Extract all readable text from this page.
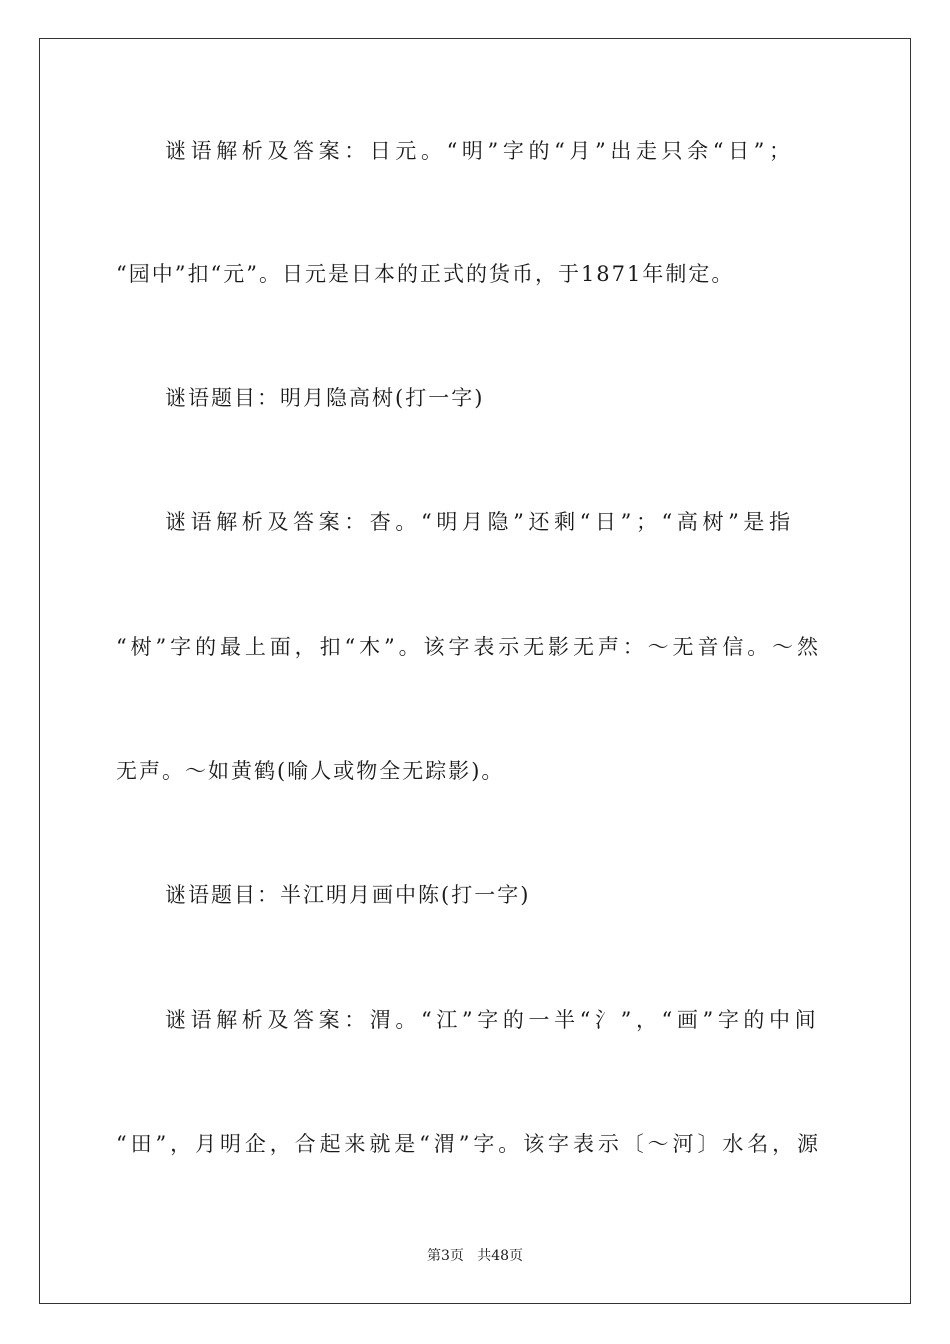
谜语解析及答案：日元。“明”字的“月”出走只余“日”；
“园中”扣“元”。日元是日本的正式的货币，于1871年制定。
谜语题目：明月隐高树(打一字)
谜语解析及答案：杳。“明月隐”还剩“日”；“高树”是指
“树”字的最上面，扣“木”。该字表示无影无声：～无音信。～然
无声。～如黄鹤(喻人或物全无踪影)。
谜语题目：半江明月画中陈(打一字)
谜语解析及答案：渭。“江”字的一半“氵”，“画”字的中间
“田”，月明企，合起来就是“渭”字。该字表示〔～河〕水名，源
第3页   共48页
